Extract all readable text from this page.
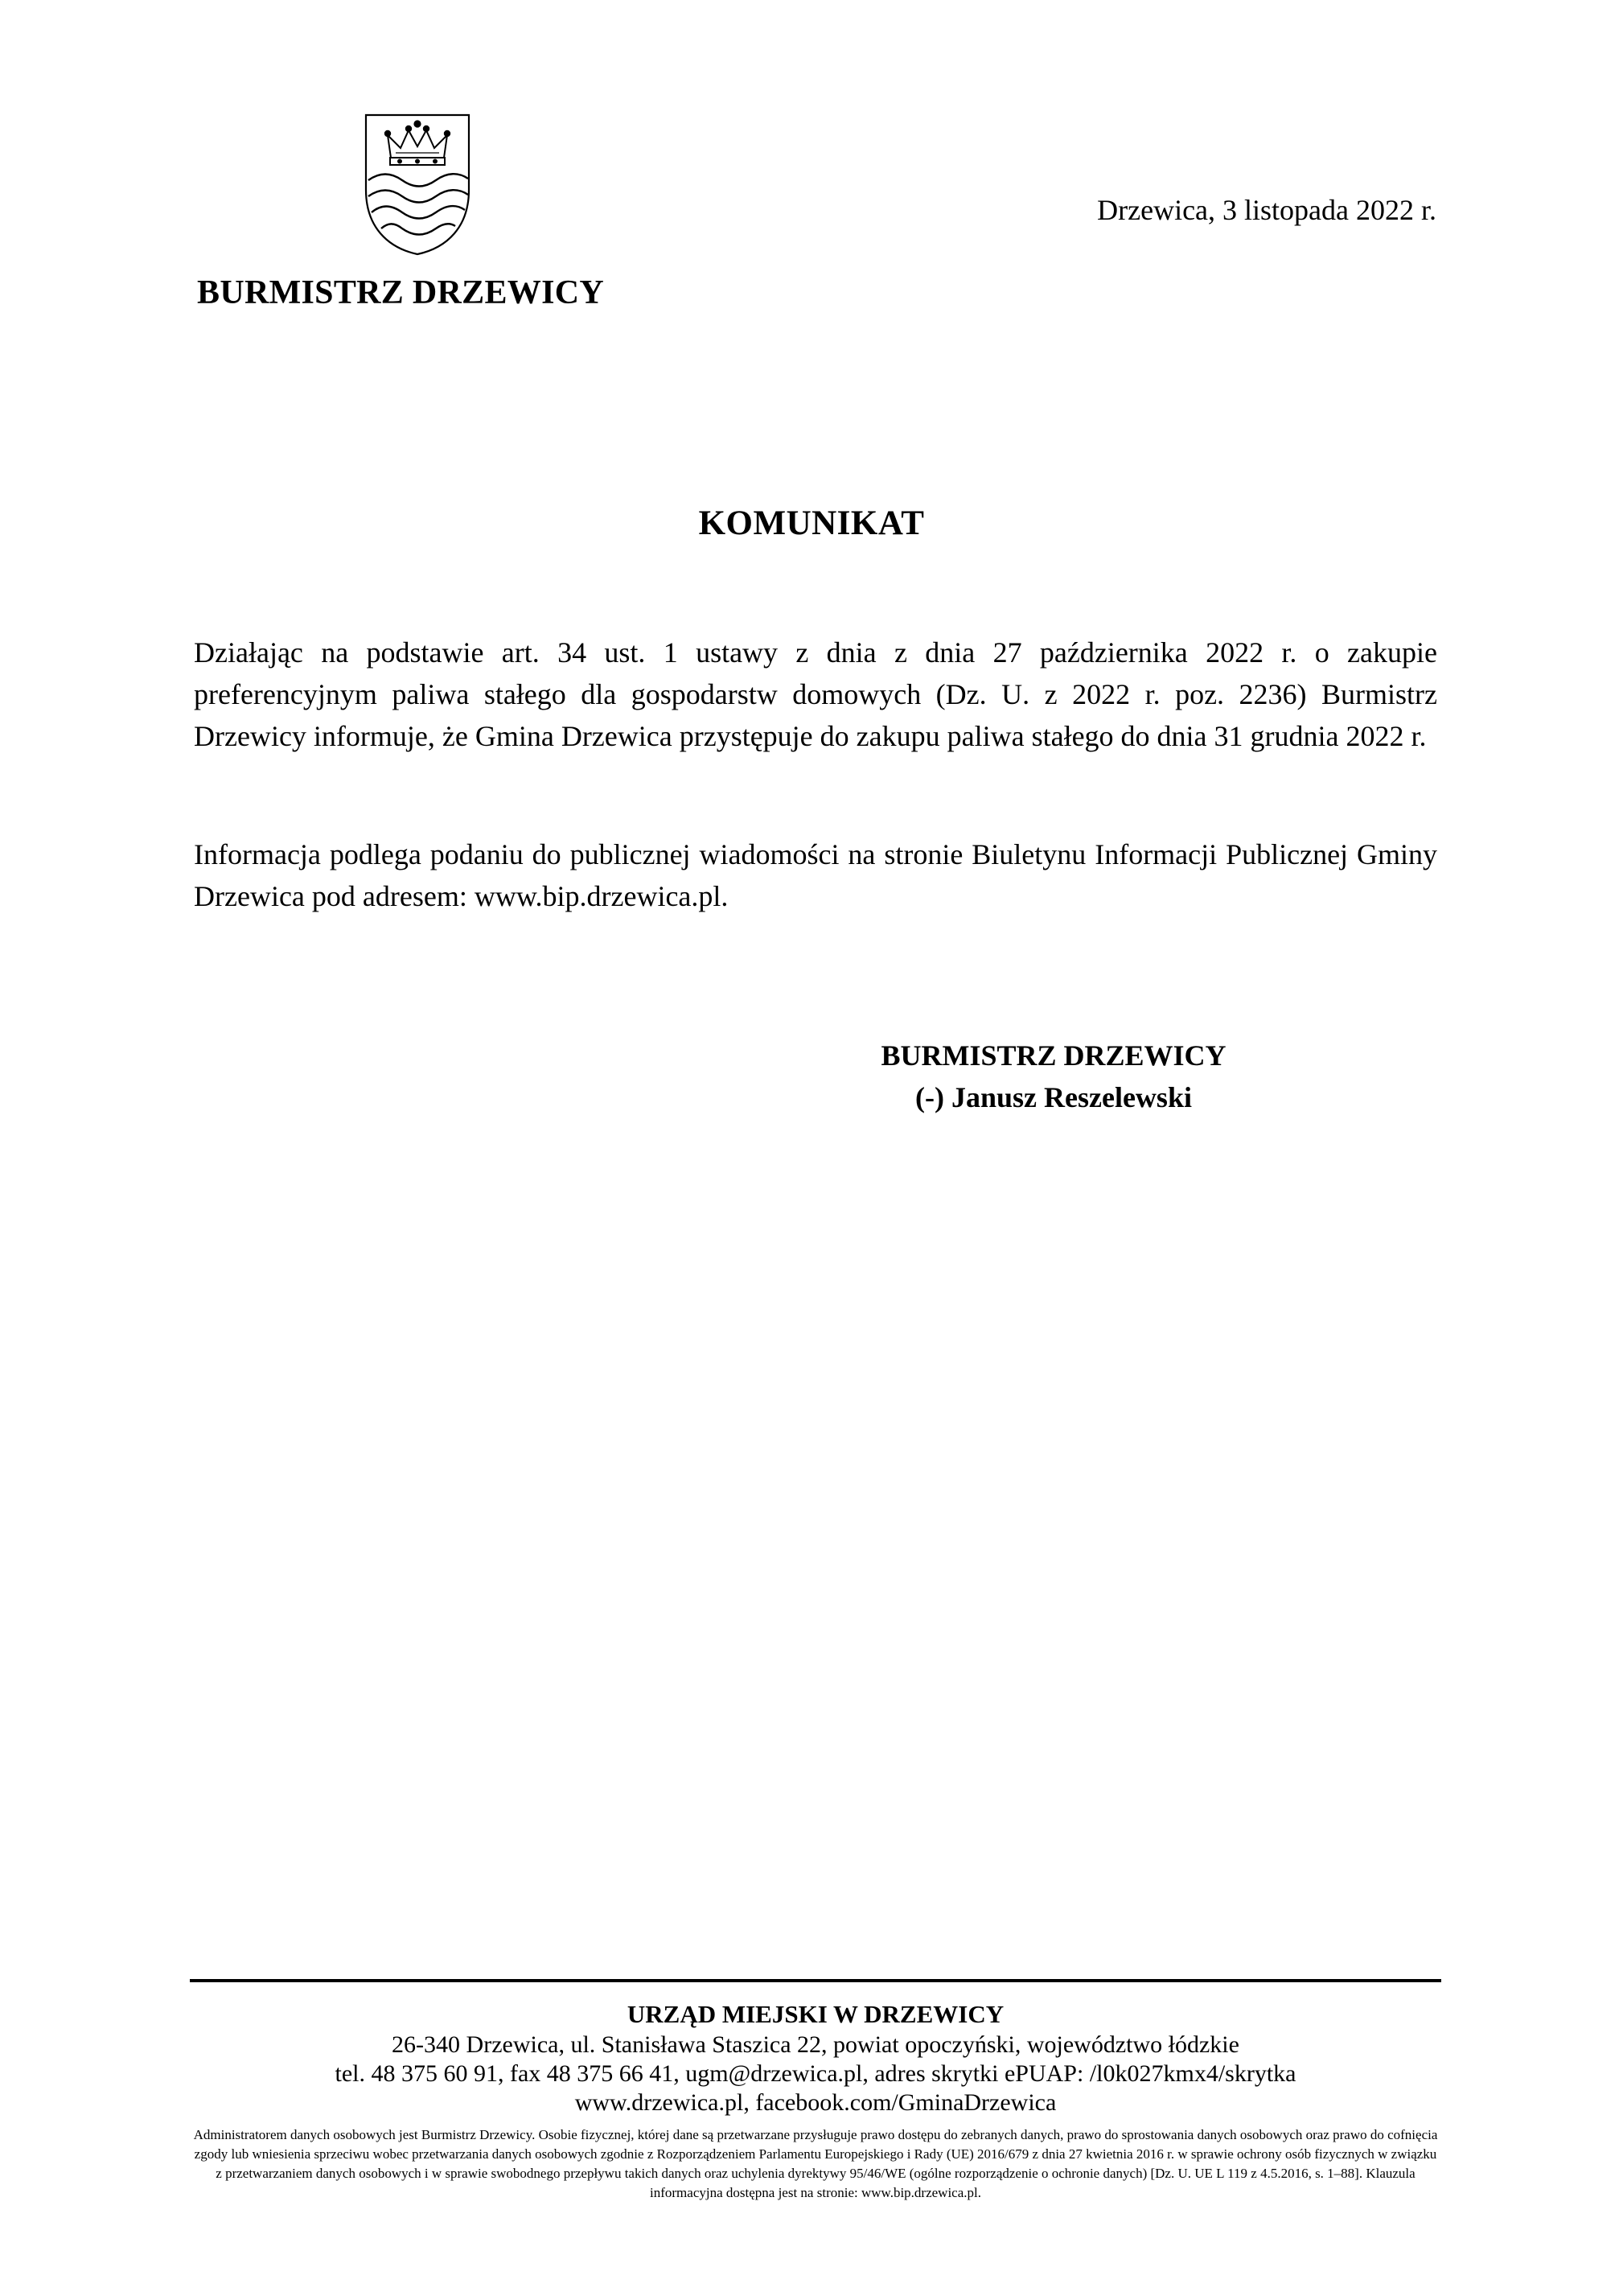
BURMISTRZ DRZEWICY
Drzewica, 3 listopada 2022 r.
KOMUNIKAT
Działając na podstawie art. 34 ust. 1 ustawy z dnia z dnia 27 października 2022 r. o zakupie preferencyjnym paliwa stałego dla gospodarstw domowych (Dz. U. z 2022 r. poz. 2236) Burmistrz Drzewicy informuje, że Gmina Drzewica przystępuje do zakupu paliwa stałego do dnia 31 grudnia 2022 r.
Informacja podlega podaniu do publicznej wiadomości na stronie Biuletynu Informacji Publicznej Gminy Drzewica pod adresem: www.bip.drzewica.pl.
BURMISTRZ DRZEWICY
(-) Janusz Reszelewski
URZĄD MIEJSKI W DRZEWICY
26-340 Drzewica, ul. Stanisława Staszica 22, powiat opoczyński, województwo łódzkie
tel. 48 375 60 91, fax 48 375 66 41, ugm@drzewica.pl, adres skrytki ePUAP: /l0k027kmx4/skrytka
www.drzewica.pl, facebook.com/GminaDrzewica
Administratorem danych osobowych jest Burmistrz Drzewicy. Osobie fizycznej, której dane są przetwarzane przysługuje prawo dostępu do zebranych danych, prawo do sprostowania danych osobowych oraz prawo do cofnięcia zgody lub wniesienia sprzeciwu wobec przetwarzania danych osobowych zgodnie z Rozporządzeniem Parlamentu Europejskiego i Rady (UE) 2016/679 z dnia 27 kwietnia 2016 r. w sprawie ochrony osób fizycznych w związku z przetwarzaniem danych osobowych i w sprawie swobodnego przepływu takich danych oraz uchylenia dyrektywy 95/46/WE (ogólne rozporządzenie o ochronie danych) [Dz. U. UE L 119 z 4.5.2016, s. 1–88]. Klauzula informacyjna dostępna jest na stronie: www.bip.drzewica.pl.
